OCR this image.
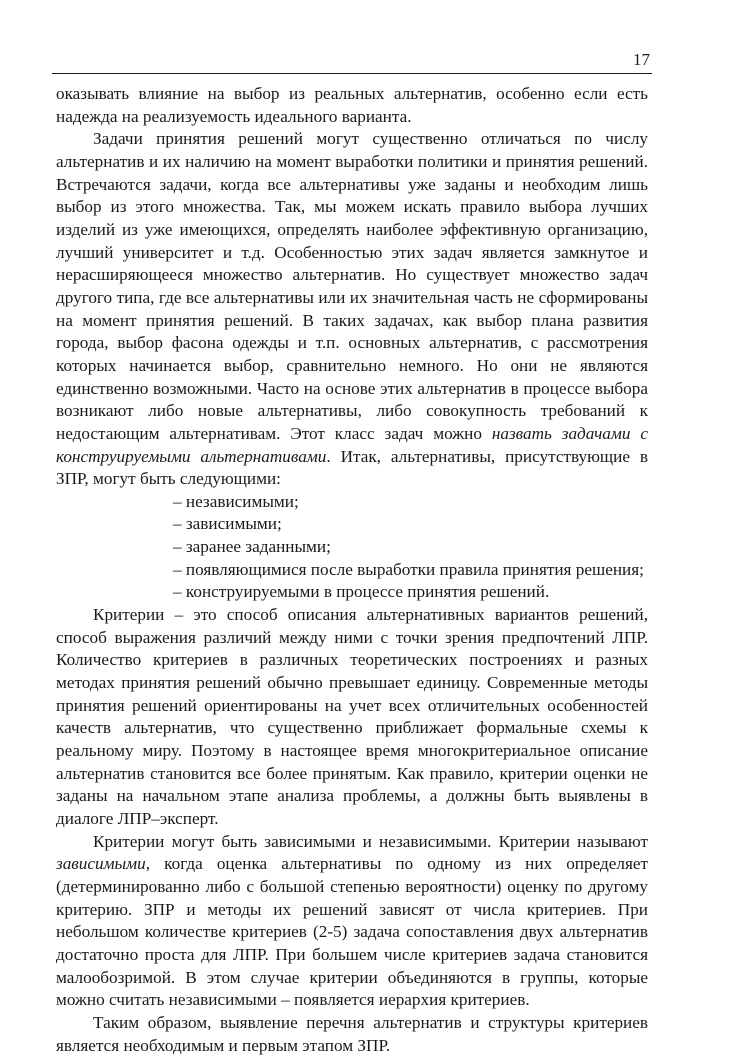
17

оказывать влияние на выбор из реальных альтернатив, особенно если есть надежда на реализуемость идеального варианта.

Задачи принятия решений могут существенно отличаться по числу альтернатив и их наличию на момент выработки политики и принятия решений. Встречаются задачи, когда все альтернативы уже заданы и необходим лишь выбор из этого множества. Так, мы можем искать правило выбора лучших изделий из уже имеющихся, определять наиболее эффективную организацию, лучший университет и т.д. Особенностью этих задач является замкнутое и нерасширяющееся множество альтернатив. Но существует множество задач другого типа, где все альтернативы или их значительная часть не сформированы на момент принятия решений. В таких задачах, как выбор плана развития города, выбор фасона одежды и т.п. основных альтернатив, с рассмотрения которых начинается выбор, сравнительно немного. Но они не являются единственно возможными. Часто на основе этих альтернатив в процессе выбора возникают либо новые альтернативы, либо совокупность требований к недостающим альтернативам. Этот класс задач можно назвать задачами с конструируемыми альтернативами. Итак, альтернативы, присутствующие в ЗПР, могут быть следующими:

– независимыми;
– зависимыми;
– заранее заданными;
– появляющимися после выработки правила принятия решения;
– конструируемыми в процессе принятия решений.

Критерии – это способ описания альтернативных вариантов решений, способ выражения различий между ними с точки зрения предпочтений ЛПР. Количество критериев в различных теоретических построениях и разных методах принятия решений обычно превышает единицу. Современные методы принятия решений ориентированы на учет всех отличительных особенностей качеств альтернатив, что существенно приближает формальные схемы к реальному миру. Поэтому в настоящее время многокритериальное описание альтернатив становится все более принятым. Как правило, критерии оценки не заданы на начальном этапе анализа проблемы, а должны быть выявлены в диалоге ЛПР–эксперт.

Критерии могут быть зависимыми и независимыми. Критерии называют зависимыми, когда оценка альтернативы по одному из них определяет (детерминированно либо с большой степенью вероятности) оценку по другому критерию. ЗПР и методы их решений зависят от числа критериев. При небольшом количестве критериев (2-5) задача сопоставления двух альтернатив достаточно проста для ЛПР. При большем числе критериев задача становится малообозримой. В этом случае критерии объединяются в группы, которые можно считать независимыми – появляется иерархия критериев.

Таким образом, выявление перечня альтернатив и структуры критериев является необходимым и первым этапом ЗПР.
